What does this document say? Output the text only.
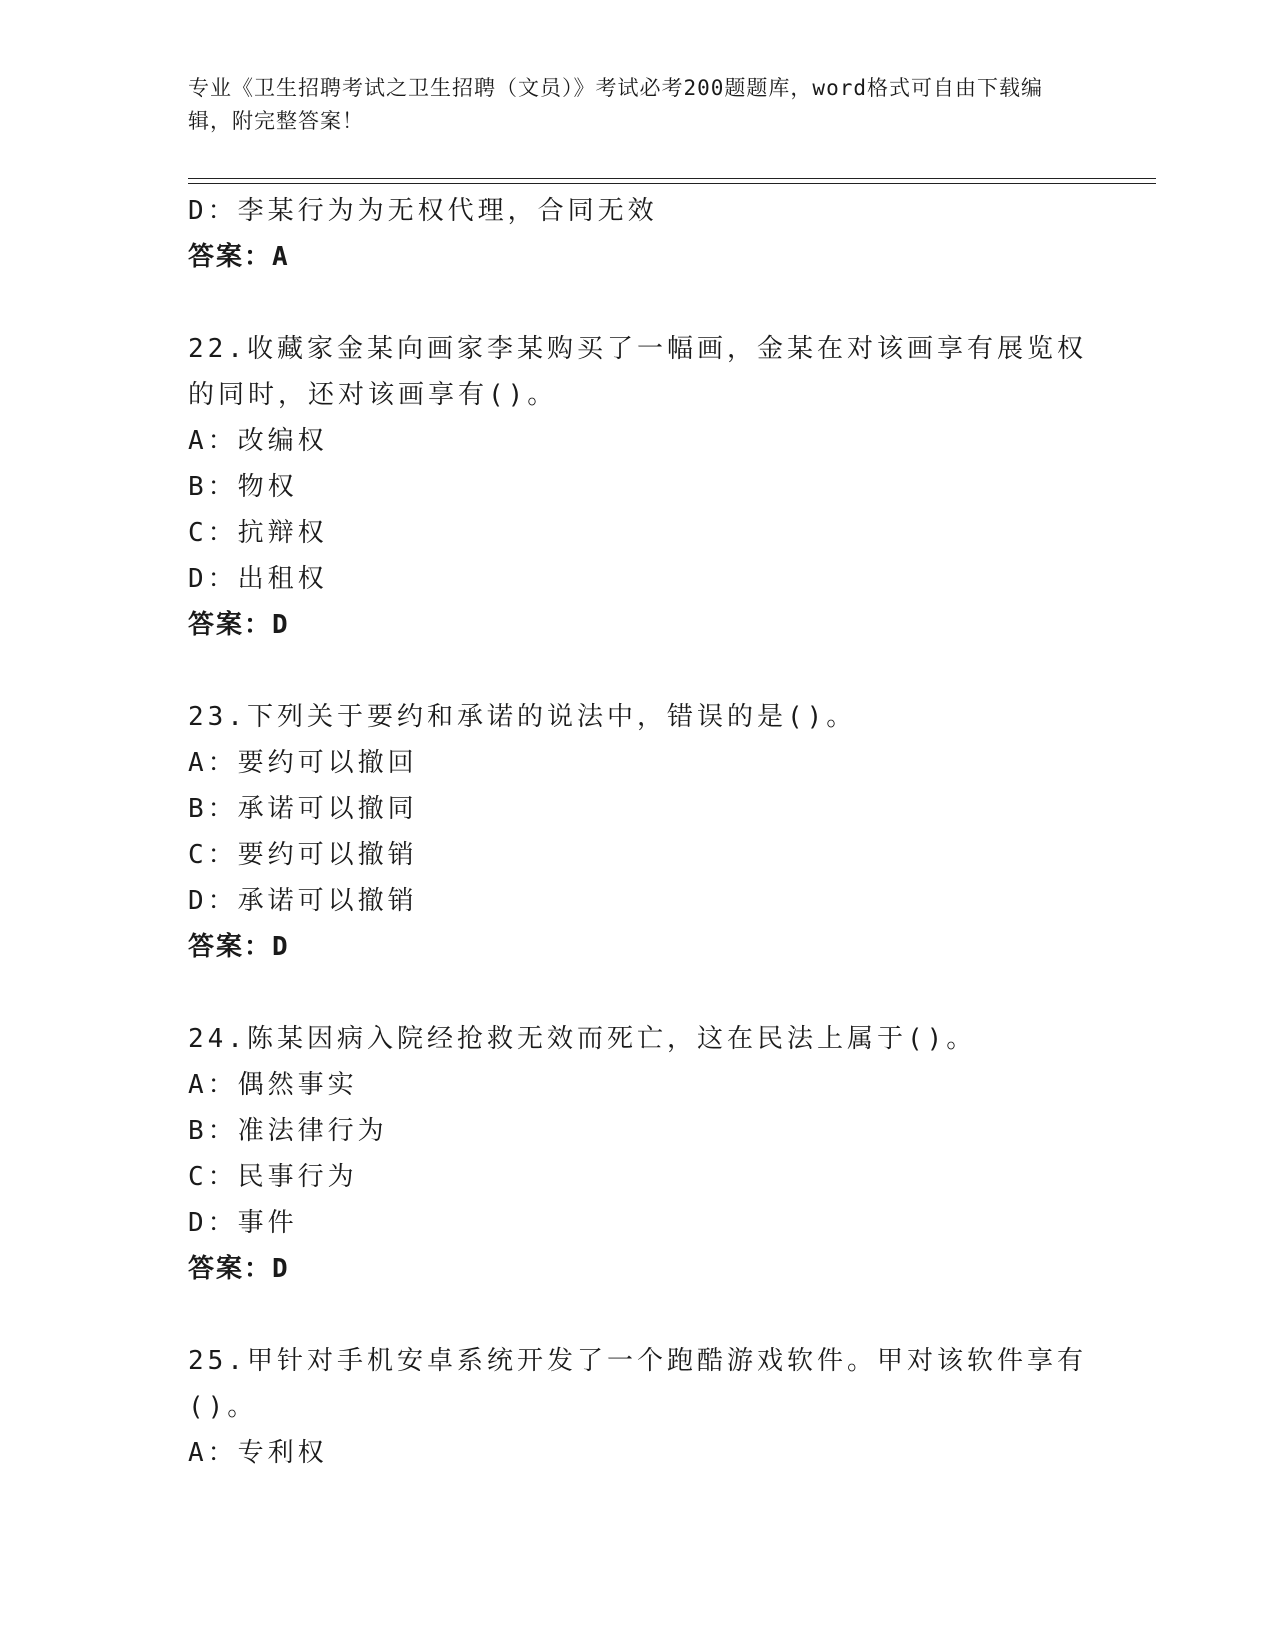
专业《卫生招聘考试之卫生招聘（文员）》考试必考200题题库，word格式可自由下载编辑，附完整答案！

D：李某行为为无权代理，合同无效

答案：A

22.收藏家金某向画家李某购买了一幅画，金某在对该画享有展览权的同时，还对该画享有()。

A：改编权

B：物权

C：抗辩权

D：出租权

答案：D

23.下列关于要约和承诺的说法中，错误的是()。

A：要约可以撤回

B：承诺可以撤同

C：要约可以撤销

D：承诺可以撤销

答案：D

24.陈某因病入院经抢救无效而死亡，这在民法上属于()。

A：偶然事实

B：准法律行为

C：民事行为

D：事件

答案：D

25.甲针对手机安卓系统开发了一个跑酷游戏软件。甲对该软件享有()。

A：专利权
